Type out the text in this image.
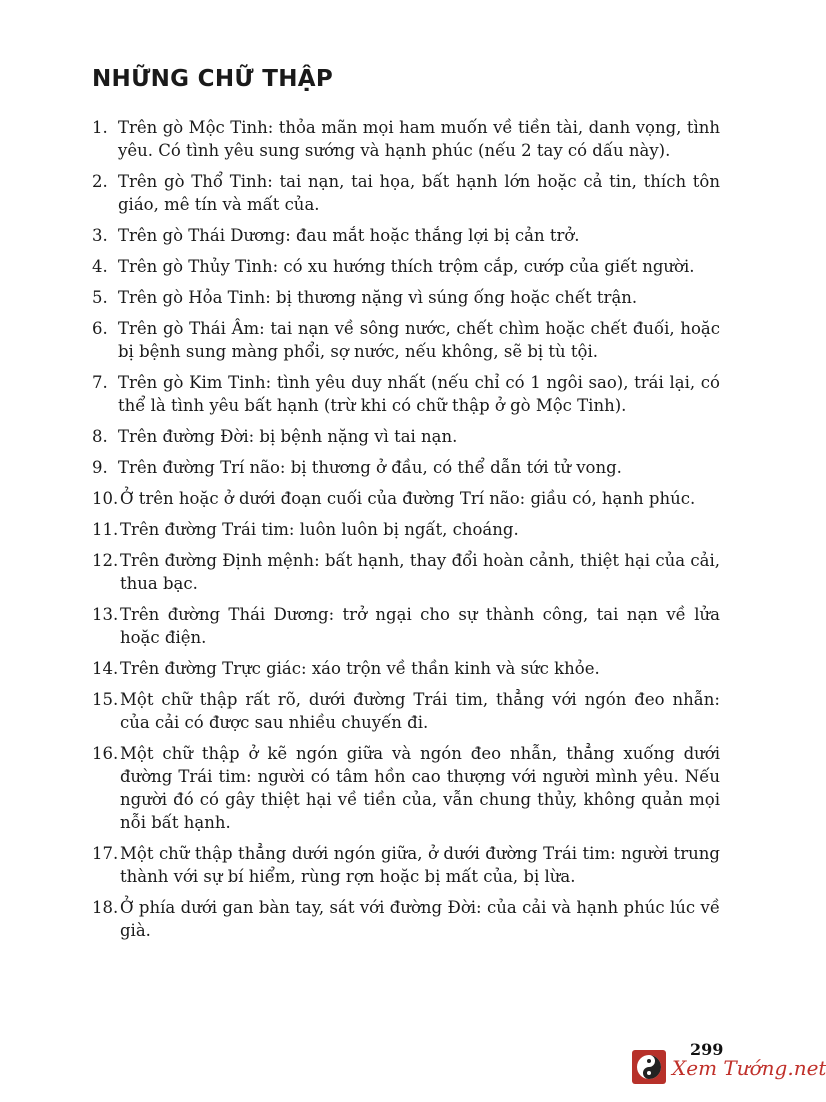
NHỮNG CHỮ THẬP
1. Trên gò Mộc Tinh: thỏa mãn mọi ham muốn về tiền tài, danh vọng, tình yêu. Có tình yêu sung sướng và hạnh phúc (nếu 2 tay có dấu này).
2. Trên gò Thổ Tinh: tai nạn, tai họa, bất hạnh lớn hoặc cả tin, thích tôn giáo, mê tín và mất của.
3. Trên gò Thái Dương: đau mắt hoặc thắng lợi bị cản trở.
4. Trên gò Thủy Tinh: có xu hướng thích trộm cắp, cướp của giết người.
5. Trên gò Hỏa Tinh: bị thương nặng vì súng ống hoặc chết trận.
6. Trên gò Thái Âm: tai nạn về sông nước, chết chìm hoặc chết đuối, hoặc bị bệnh sung màng phổi, sợ nước, nếu không, sẽ bị tù tội.
7. Trên gò Kim Tinh: tình yêu duy nhất (nếu chỉ có 1 ngôi sao), trái lại, có thể là tình yêu bất hạnh (trừ khi có chữ thập ở gò Mộc Tinh).
8. Trên đường Đời: bị bệnh nặng vì tai nạn.
9. Trên đường Trí não: bị thương ở đầu, có thể dẫn tới tử vong.
10. Ở trên hoặc ở dưới đoạn cuối của đường Trí não: giầu có, hạnh phúc.
11. Trên đường Trái tim: luôn luôn bị ngất, choáng.
12. Trên đường Định mệnh: bất hạnh, thay đổi hoàn cảnh, thiệt hại của cải, thua bạc.
13. Trên đường Thái Dương: trở ngại cho sự thành công, tai nạn về lửa hoặc điện.
14. Trên đường Trực giác: xáo trộn về thần kinh và sức khỏe.
15. Một chữ thập rất rõ, dưới đường Trái tim, thẳng với ngón đeo nhẫn: của cải có được sau nhiều chuyến đi.
16. Một chữ thập ở kẽ ngón giữa và ngón đeo nhẫn, thẳng xuống dưới đường Trái tim: người có tâm hồn cao thượng với người mình yêu. Nếu người đó có gây thiệt hại về tiền của, vẫn chung thủy, không quản mọi nỗi bất hạnh.
17. Một chữ thập thẳng dưới ngón giữa, ở dưới đường Trái tim: người trung thành với sự bí hiểm, rùng rợn hoặc bị mất của, bị lừa.
18. Ở phía dưới gan bàn tay, sát với đường Đời: của cải và hạnh phúc lúc về già.
299
Xem Tướng.net
